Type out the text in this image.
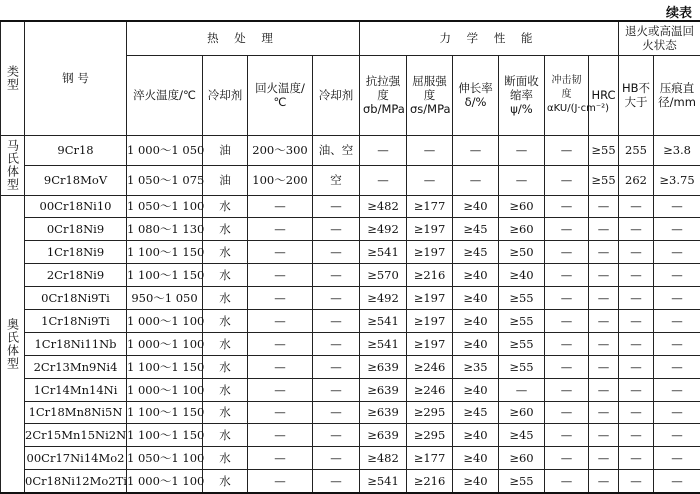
续表
类型	钢 号	热 处 理				力 学 性 能						退火或高温回火状态	
		淬火温度/℃	冷却剂	回火温度/℃	冷却剂	抗拉强度σb/MPa	屈服强度σs/MPa	伸长率δ/%	断面收缩率ψ/%	冲击韧度αKU/(J·cm⁻²)	HRC	HB不大于	压痕直径/mm

马氏体型	9Cr18	1 000～1 050	油	200～300	油、空	—	—	—	—	—	≥55	255	≥3.8
	9Cr18MoV	1 050～1 075	油	100～200	空	—	—	—	—	—	≥55	262	≥3.75

奥氏体型	00Cr18Ni10	1 050～1 100	水	—	—	≥482	≥177	≥40	≥60	—	—	—	—
	0Cr18Ni9	1 080～1 130	水	—	—	≥492	≥197	≥45	≥60	—	—	—	—
	1Cr18Ni9	1 100～1 150	水	—	—	≥541	≥197	≥45	≥50	—	—	—	—
	2Cr18Ni9	1 100～1 150	水	—	—	≥570	≥216	≥40	≥40	—	—	—	—
	0Cr18Ni9Ti	950～1 050	水	—	—	≥492	≥197	≥40	≥55	—	—	—	—
	1Cr18Ni9Ti	1 000～1 100	水	—	—	≥541	≥197	≥40	≥55	—	—	—	—
	1Cr18Ni11Nb	1 000～1 100	水	—	—	≥541	≥197	≥40	≥55	—	—	—	—
	2Cr13Mn9Ni4	1 100～1 150	水	—	—	≥639	≥246	≥35	≥55	—	—	—	—
	1Cr14Mn14Ni	1 000～1 100	水	—	—	≥639	≥246	≥40	—	—	—	—	—
	1Cr18Mn8Ni5N	1 100～1 150	水	—	—	≥639	≥295	≥45	≥60	—	—	—	—
	2Cr15Mn15Ni2N	1 100～1 150	水	—	—	≥639	≥295	≥40	≥45	—	—	—	—
	00Cr17Ni14Mo2	1 050～1 100	水	—	—	≥482	≥177	≥40	≥60	—	—	—	—
	0Cr18Ni12Mo2Ti	1 000～1 100	水	—	—	≥541	≥216	≥40	≥55	—	—	—	—
